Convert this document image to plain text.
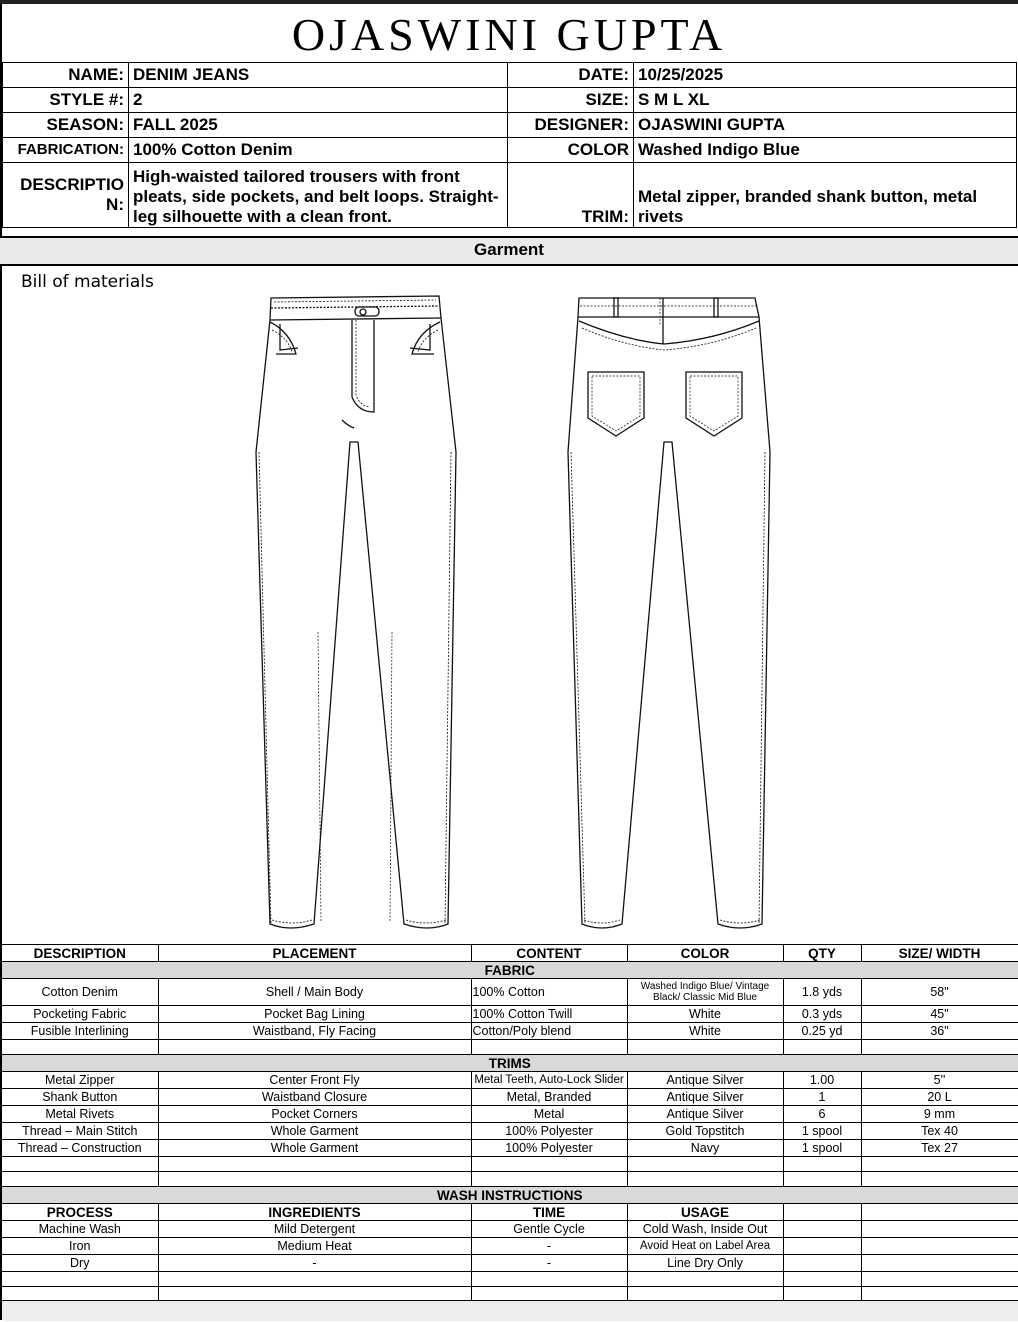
OJASWINI GUPTA
NAME:	DENIM JEANS	DATE:	10/25/2025
STYLE #:	2	SIZE:	S M L XL
SEASON:	FALL 2025	DESIGNER:	OJASWINI GUPTA
FABRICATION:	100% Cotton Denim	COLOR	Washed Indigo Blue
DESCRIPTIO
N:	High-waisted tailored trousers with front pleats, side pockets, and belt loops. Straight-leg silhouette with a clean front.	TRIM:	Metal zipper, branded shank button, metal rivets
Garment
Bill of materials
DESCRIPTION	PLACEMENT	CONTENT	COLOR	QTY	SIZE/ WIDTH
FABRIC					
Cotton Denim	Shell / Main Body	100% Cotton	Washed Indigo Blue/ Vintage Black/ Classic Mid Blue	1.8 yds	58"
Pocketing Fabric	Pocket Bag Lining	100% Cotton Twill	White	0.3 yds	45"
Fusible Interlining	Waistband, Fly Facing	Cotton/Poly blend	White	0.25 yd	36"

TRIMS					
Metal Zipper	Center Front Fly	Metal Teeth, Auto-Lock Slider	Antique Silver	1.00	5''
Shank Button	Waistband Closure	Metal, Branded	Antique Silver	1	20 L
Metal Rivets	Pocket Corners	Metal	Antique Silver	6	9 mm
Thread – Main Stitch	Whole Garment	100% Polyester	Gold Topstitch	1 spool	Tex 40
Thread – Construction	Whole Garment	100% Polyester	Navy	1 spool	Tex 27

WASH INSTRUCTIONS					
PROCESS	INGREDIENTS	TIME	USAGE		
Machine Wash	Mild Detergent	Gentle Cycle	Cold Wash, Inside Out		
Iron	Medium Heat	-	Avoid Heat on Label Area		
Dry	-	-	Line Dry Only		
